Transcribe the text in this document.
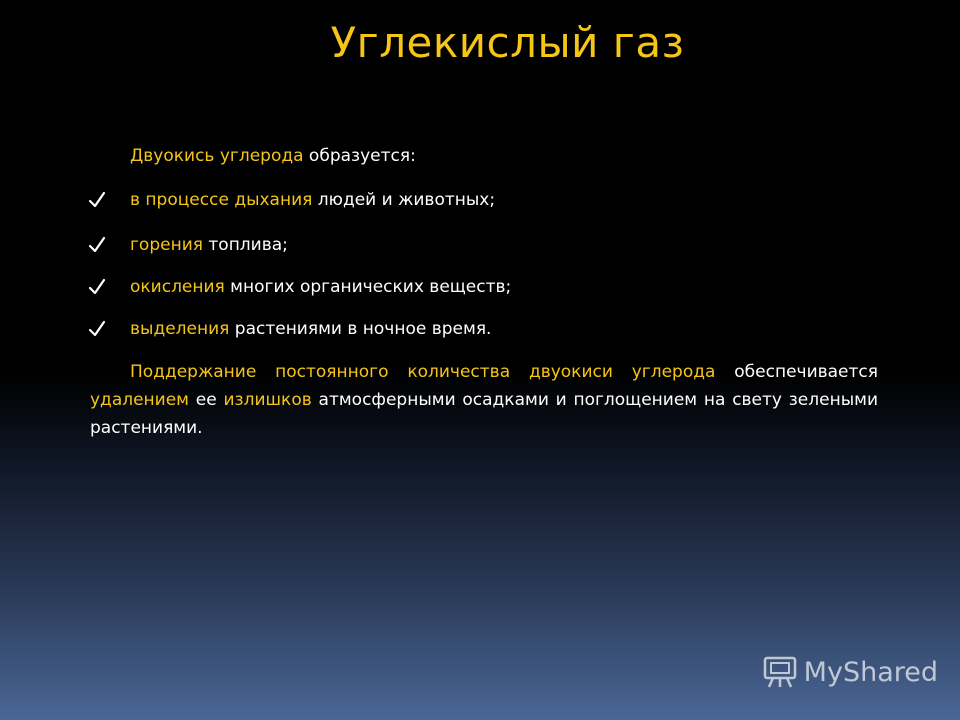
Углекислый газ
Двуокись углерода образуется:
в процессе дыхания людей и животных;
горения топлива;
окисления многих органических веществ;
выделения растениями в ночное время.
Поддержание постоянного количества двуокиси углерода обеспечивается удалением ее излишков атмосферными осадками и поглощением на свету зелеными растениями.
MyShared
